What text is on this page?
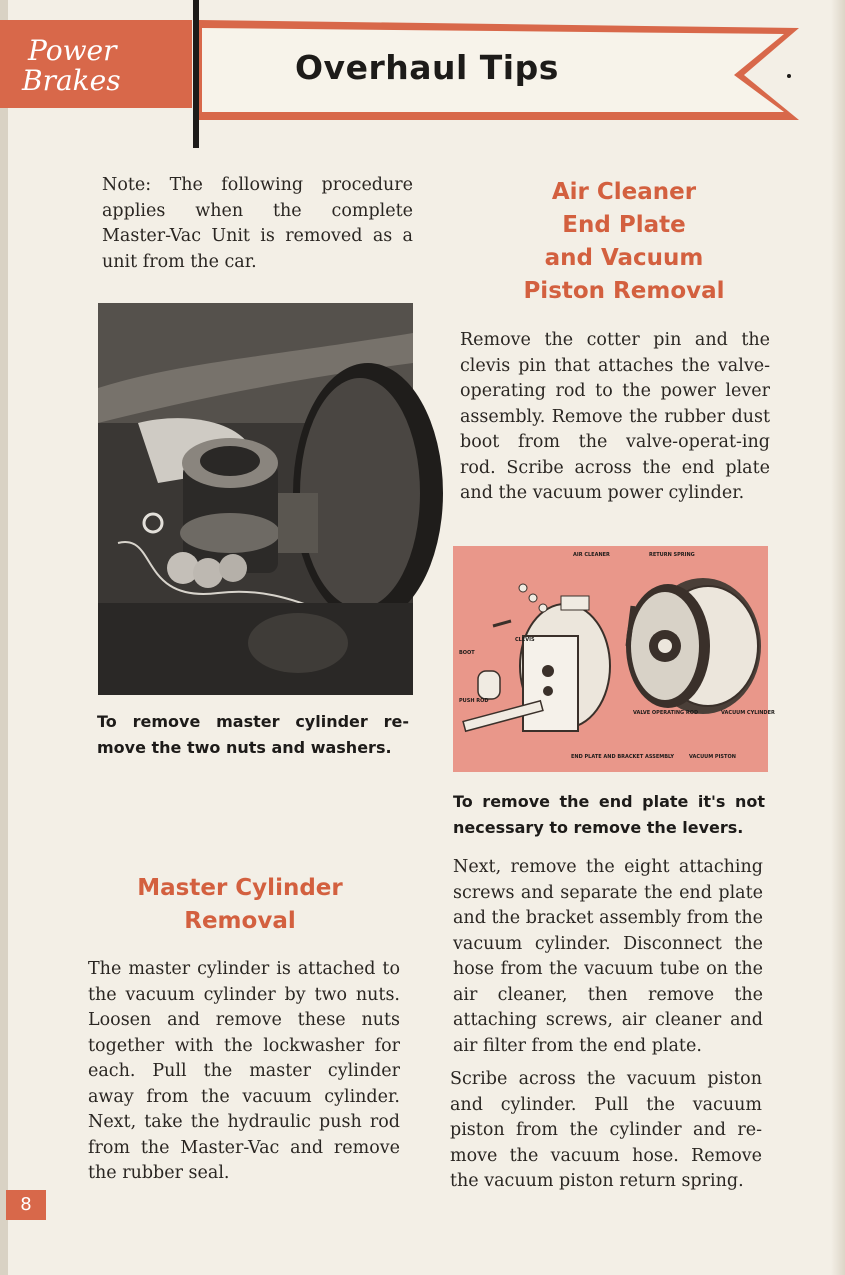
Power
Brakes	Overhaul Tips

Note: The following procedure applies when the complete Master-Vac Unit is removed as a unit from the car.

To remove master cylinder re-move the two nuts and washers.

Master Cylinder
Removal

The master cylinder is attached to the vacuum cylinder by two nuts. Loosen and remove these nuts together with the lockwasher for each. Pull the master cylinder away from the vacuum cylinder. Next, take the hydraulic push rod from the Master-Vac and remove the rubber seal.

Air Cleaner
End Plate
and Vacuum
Piston Removal

Remove the cotter pin and the clevis pin that attaches the valve-operating rod to the power lever assembly. Remove the rubber dust boot from the valve-operat-ing rod. Scribe across the end plate and the vacuum power cylinder.

AIR CLEANER	RETURN SPRING
CLEVIS
BOOT
PUSH ROD
VALVE OPERATING ROD	VACUUM CYLINDER
END PLATE AND BRACKET ASSEMBLY	VACUUM PISTON

To remove the end plate it's not necessary to remove the levers.

Next, remove the eight attaching screws and separate the end plate and the bracket assembly from the vacuum cylinder. Disconnect the hose from the vacuum tube on the air cleaner, then remove the attaching screws, air cleaner and air filter from the end plate.

Scribe across the vacuum piston and cylinder. Pull the vacuum piston from the cylinder and re-move the vacuum hose. Remove the vacuum piston return spring.

8
